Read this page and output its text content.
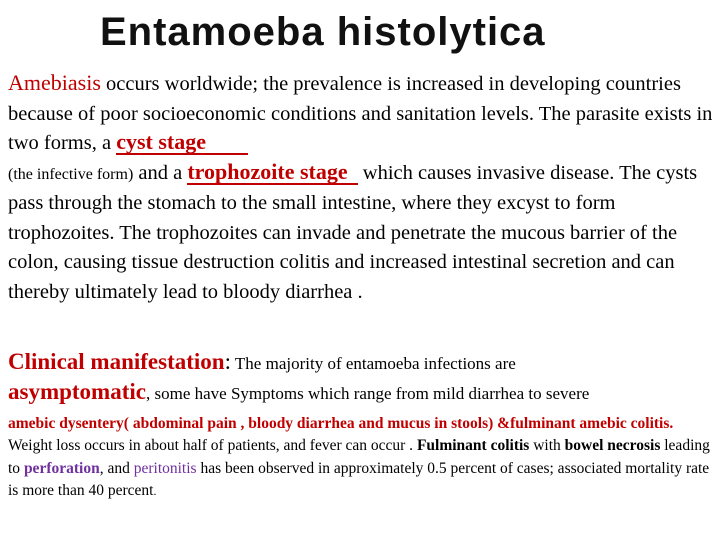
Entamoeba histolytica
Amebiasis occurs worldwide; the prevalence is increased in developing countries because of poor socioeconomic conditions and sanitation levels. The parasite exists in two forms, a cyst stage
(the infective form) and a trophozoite stage which causes invasive disease. The cysts pass through the stomach to the small intestine, where they excyst to form trophozoites. The trophozoites can invade and penetrate the mucous barrier of the colon, causing tissue destruction colitis and increased intestinal secretion and can thereby ultimately lead to bloody diarrhea .
Clinical manifestation: The majority of entamoeba infections are
asymptomatic, some have Symptoms which range from mild diarrhea to severe
amebic dysentery( abdominal pain , bloody diarrhea and mucus in stools) &fulminant amebic colitis. Weight loss occurs in about half of patients, and fever can occur . Fulminant colitis with bowel necrosis leading to perforation, and peritonitis has been observed in approximately 0.5 percent of cases; associated mortality rate is more than 40 percent.
